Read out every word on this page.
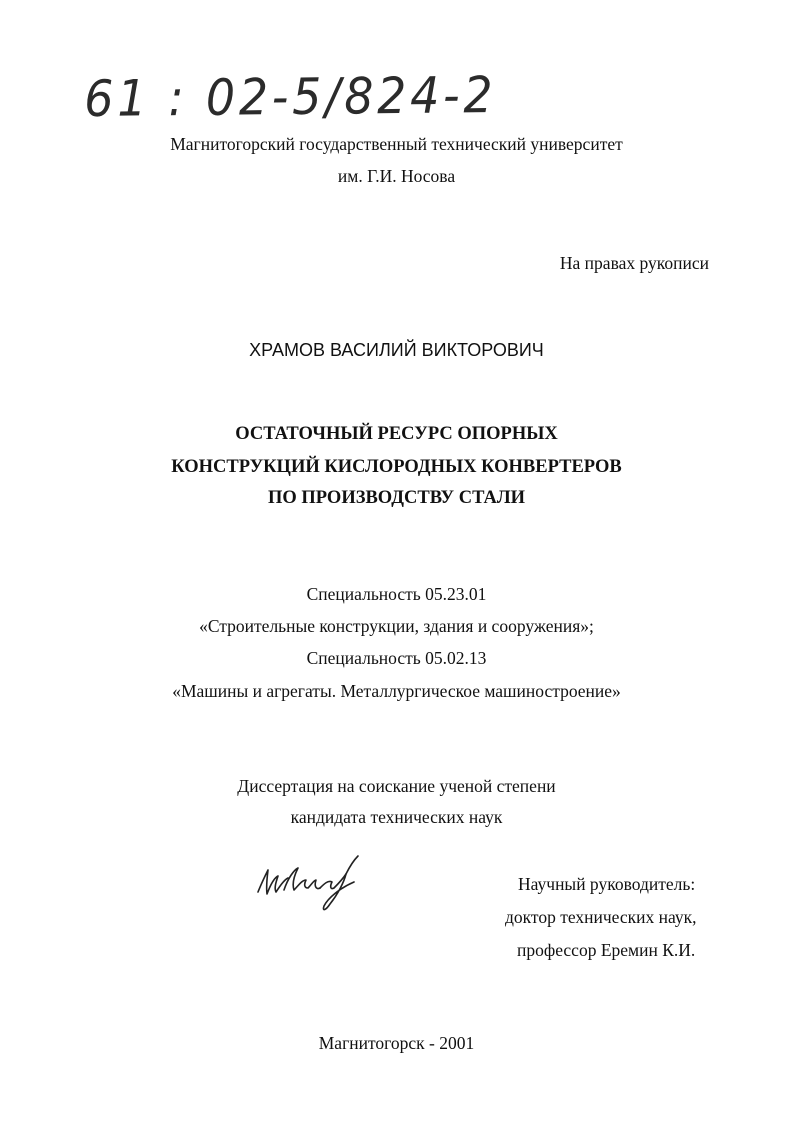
61 : 02-5/824-2
Магнитогорский государственный технический университет
им. Г.И. Носова
На правах рукописи
ХРАМОВ ВАСИЛИЙ ВИКТОРОВИЧ
ОСТАТОЧНЫЙ РЕСУРС ОПОРНЫХ
КОНСТРУКЦИЙ КИСЛОРОДНЫХ КОНВЕРТЕРОВ
ПО ПРОИЗВОДСТВУ СТАЛИ
Специальность 05.23.01
«Строительные конструкции, здания и сооружения»;
Специальность 05.02.13
«Машины и агрегаты. Металлургическое машиностроение»
Диссертация на соискание ученой степени
кандидата технических наук
Научный руководитель:
доктор технических наук,
профессор Еремин К.И.
Магнитогорск - 2001
